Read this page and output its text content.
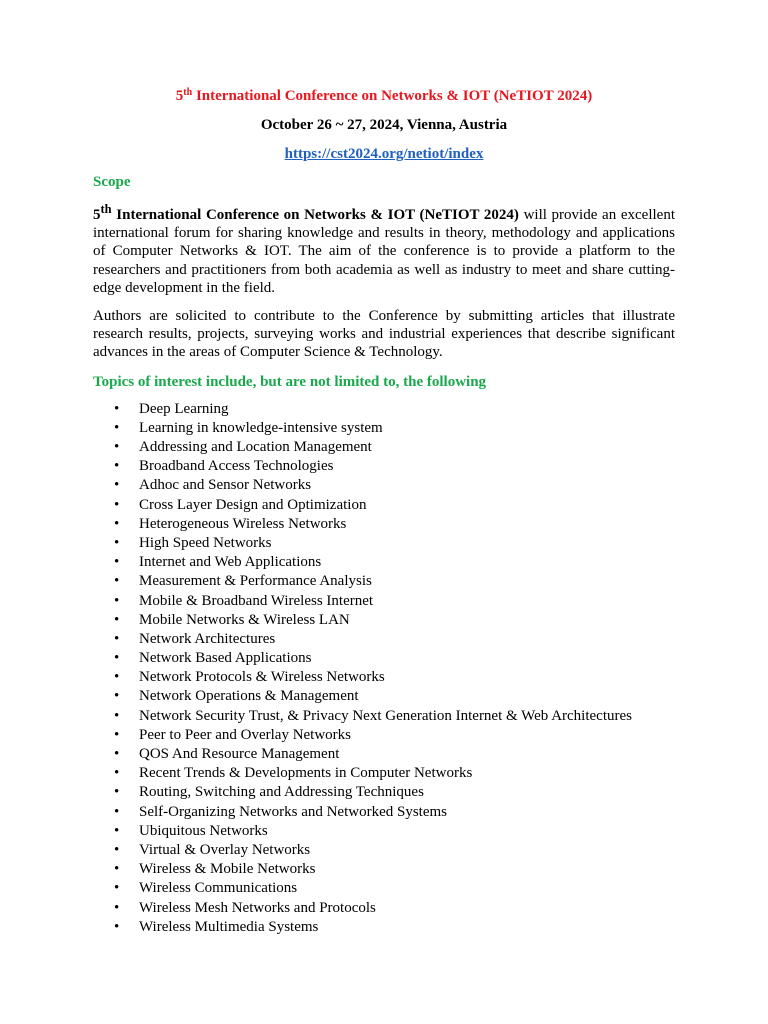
5th International Conference on Networks & IOT (NeTIOT 2024)
October 26 ~ 27, 2024, Vienna, Austria
https://cst2024.org/netiot/index
Scope

5th International Conference on Networks & IOT (NeTIOT 2024) will provide an excellent international forum for sharing knowledge and results in theory, methodology and applications of Computer Networks & IOT. The aim of the conference is to provide a platform to the researchers and practitioners from both academia as well as industry to meet and share cutting-edge development in the field.

Authors are solicited to contribute to the Conference by submitting articles that illustrate research results, projects, surveying works and industrial experiences that describe significant advances in the areas of Computer Science & Technology.

Topics of interest include, but are not limited to, the following
• Deep Learning
• Learning in knowledge-intensive system
• Addressing and Location Management
• Broadband Access Technologies
• Adhoc and Sensor Networks
• Cross Layer Design and Optimization
• Heterogeneous Wireless Networks
• High Speed Networks
• Internet and Web Applications
• Measurement & Performance Analysis
• Mobile & Broadband Wireless Internet
• Mobile Networks & Wireless LAN
• Network Architectures
• Network Based Applications
• Network Protocols & Wireless Networks
• Network Operations & Management
• Network Security Trust, & Privacy Next Generation Internet & Web Architectures
• Peer to Peer and Overlay Networks
• QOS And Resource Management
• Recent Trends & Developments in Computer Networks
• Routing, Switching and Addressing Techniques
• Self-Organizing Networks and Networked Systems
• Ubiquitous Networks
• Virtual & Overlay Networks
• Wireless & Mobile Networks
• Wireless Communications
• Wireless Mesh Networks and Protocols
• Wireless Multimedia Systems
